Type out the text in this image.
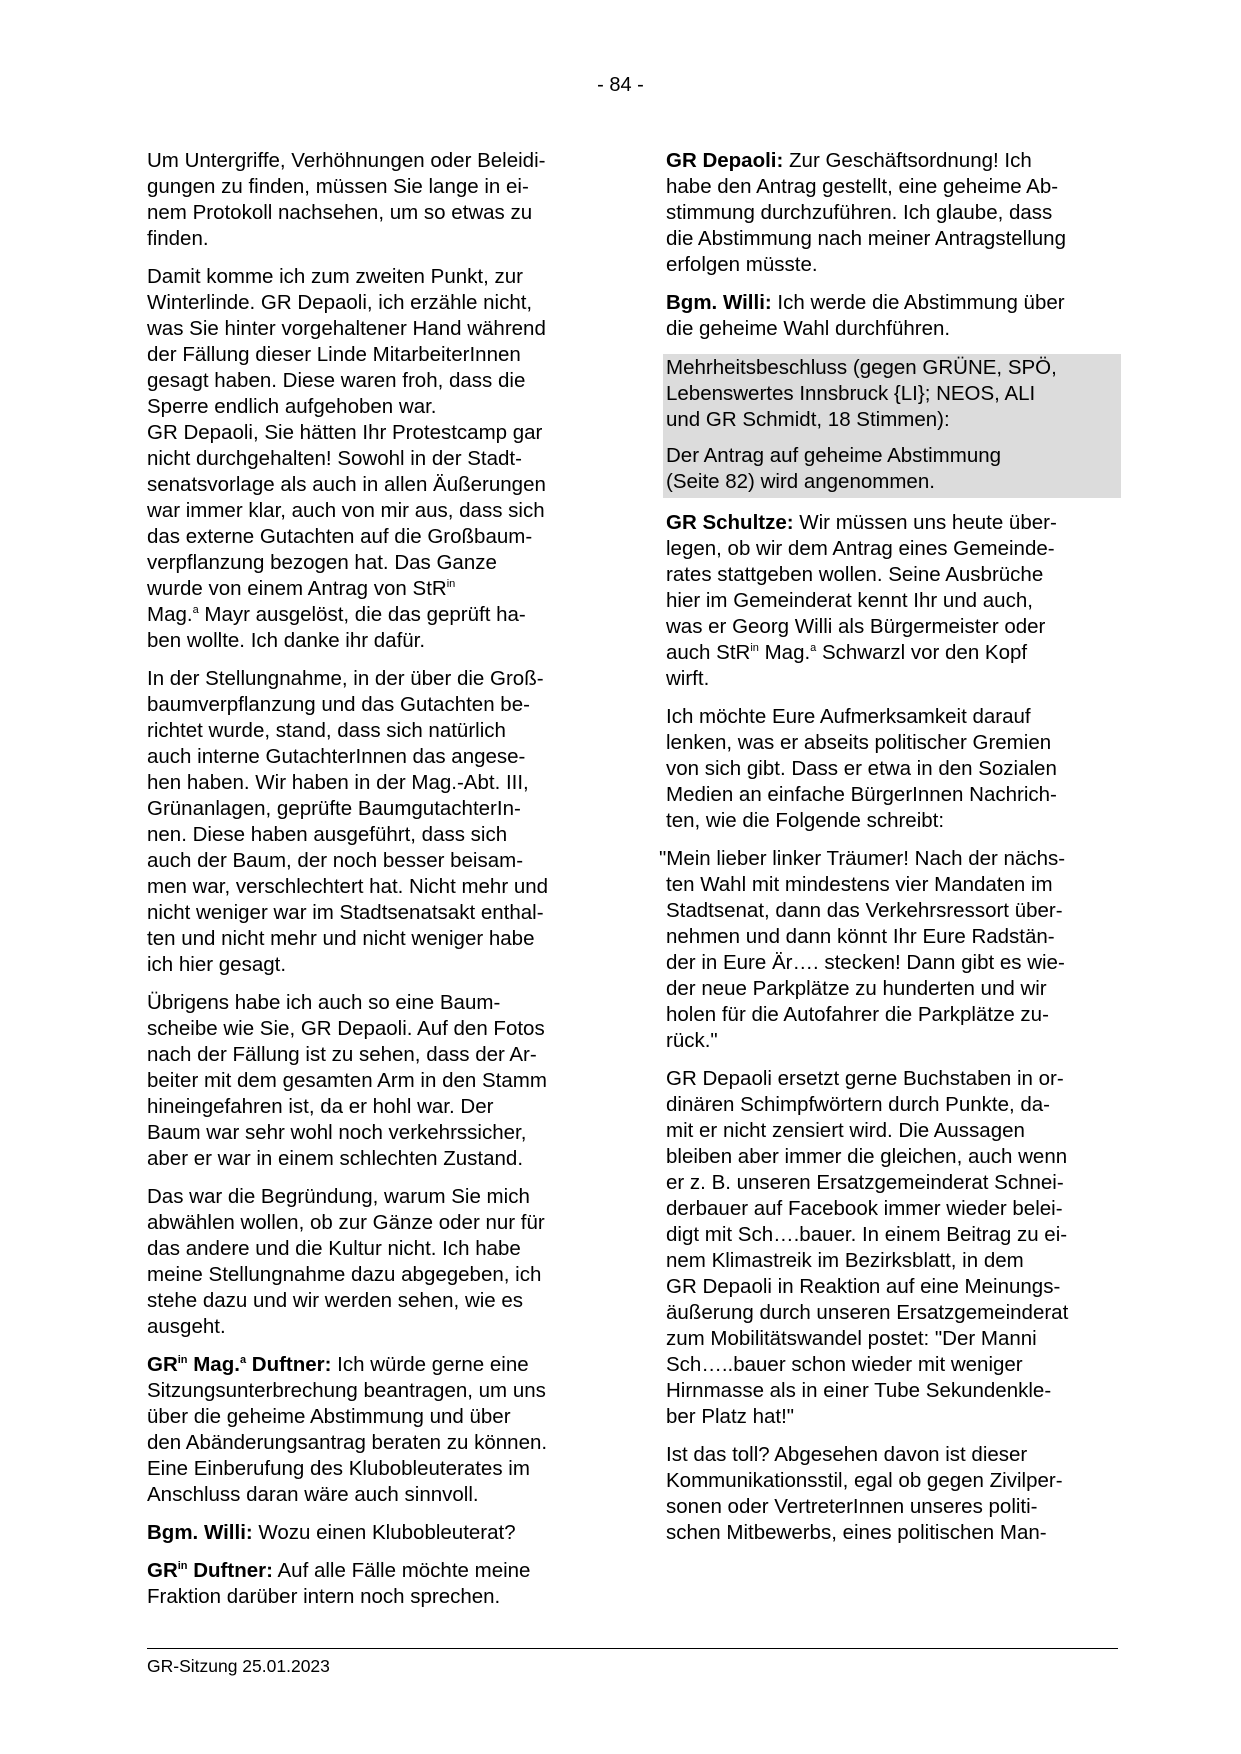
- 84 -

Um Untergriffe, Verhöhnungen oder Beleidi-
gungen zu finden, müssen Sie lange in ei-
nem Protokoll nachsehen, um so etwas zu
finden.

Damit komme ich zum zweiten Punkt, zur
Winterlinde. GR Depaoli, ich erzähle nicht,
was Sie hinter vorgehaltener Hand während
der Fällung dieser Linde MitarbeiterInnen
gesagt haben. Diese waren froh, dass die
Sperre endlich aufgehoben war.
GR Depaoli, Sie hätten Ihr Protestcamp gar
nicht durchgehalten! Sowohl in der Stadt-
senatsvorlage als auch in allen Äußerungen
war immer klar, auch von mir aus, dass sich
das externe Gutachten auf die Großbaum-
verpflanzung bezogen hat. Das Ganze
wurde von einem Antrag von StR$^{in}$
Mag.$^a$ Mayr ausgelöst, die das geprüft ha-
ben wollte. Ich danke ihr dafür.

In der Stellungnahme, in der über die Groß-
baumverpflanzung und das Gutachten be-
richtet wurde, stand, dass sich natürlich
auch interne GutachterInnen das angese-
hen haben. Wir haben in der Mag.-Abt. III,
Grünanlagen, geprüfte BaumgutachterIn-
nen. Diese haben ausgeführt, dass sich
auch der Baum, der noch besser beisam-
men war, verschlechtert hat. Nicht mehr und
nicht weniger war im Stadtsenatsakt enthal-
ten und nicht mehr und nicht weniger habe
ich hier gesagt.

Übrigens habe ich auch so eine Baum-
scheibe wie Sie, GR Depaoli. Auf den Fotos
nach der Fällung ist zu sehen, dass der Ar-
beiter mit dem gesamten Arm in den Stamm
hineingefahren ist, da er hohl war. Der
Baum war sehr wohl noch verkehrssicher,
aber er war in einem schlechten Zustand.

Das war die Begründung, warum Sie mich
abwählen wollen, ob zur Gänze oder nur für
das andere und die Kultur nicht. Ich habe
meine Stellungnahme dazu abgegeben, ich
stehe dazu und wir werden sehen, wie es
ausgeht.

$GR^{in}$ Mag.$^a$ Duftner: Ich würde gerne eine
Sitzungsunterbrechung beantragen, um uns
über die geheime Abstimmung und über
den Abänderungsantrag beraten zu können.
Eine Einberufung des Klubobleuterates im
Anschluss daran wäre auch sinnvoll.

Bgm. Willi: Wozu einen Klubobleuterat?

$GR^{in}$ Duftner: Auf alle Fälle möchte meine
Fraktion darüber intern noch sprechen.

GR Depaoli: Zur Geschäftsordnung! Ich
habe den Antrag gestellt, eine geheime Ab-
stimmung durchzuführen. Ich glaube, dass
die Abstimmung nach meiner Antragstellung
erfolgen müsste.

Bgm. Willi: Ich werde die Abstimmung über
die geheime Wahl durchführen.

Mehrheitsbeschluss (gegen GRÜNE, SPÖ,
Lebenswertes Innsbruck {LI}; NEOS, ALI
und GR Schmidt, 18 Stimmen):

Der Antrag auf geheime Abstimmung
(Seite 82) wird angenommen.

GR Schultze: Wir müssen uns heute über-
legen, ob wir dem Antrag eines Gemeinde-
rates stattgeben wollen. Seine Ausbrüche
hier im Gemeinderat kennt Ihr und auch,
was er Georg Willi als Bürgermeister oder
auch StR$^{in}$ Mag.$^a$ Schwarzl vor den Kopf
wirft.

Ich möchte Eure Aufmerksamkeit darauf
lenken, was er abseits politischer Gremien
von sich gibt. Dass er etwa in den Sozialen
Medien an einfache BürgerInnen Nachrich-
ten, wie die Folgende schreibt:

"Mein lieber linker Träumer! Nach der nächs-
ten Wahl mit mindestens vier Mandaten im
Stadtsenat, dann das Verkehrsressort über-
nehmen und dann könnt Ihr Eure Radstän-
der in Eure Är…. stecken! Dann gibt es wie-
der neue Parkplätze zu hunderten und wir
holen für die Autofahrer die Parkplätze zu-
rück."

GR Depaoli ersetzt gerne Buchstaben in or-
dinären Schimpfwörtern durch Punkte, da-
mit er nicht zensiert wird. Die Aussagen
bleiben aber immer die gleichen, auch wenn
er z. B. unseren Ersatzgemeinderat Schnei-
derbauer auf Facebook immer wieder belei-
digt mit Sch….bauer. In einem Beitrag zu ei-
nem Klimastreik im Bezirksblatt, in dem
GR Depaoli in Reaktion auf eine Meinungs-
äußerung durch unseren Ersatzgemeinderat
zum Mobilitätswandel postet: "Der Manni
Sch…..bauer schon wieder mit weniger
Hirnmasse als in einer Tube Sekundenkle-
ber Platz hat!"

Ist das toll? Abgesehen davon ist dieser
Kommunikationsstil, egal ob gegen Zivilper-
sonen oder VertreterInnen unseres politi-
schen Mitbewerbs, eines politischen Man-

GR-Sitzung 25.01.2023
